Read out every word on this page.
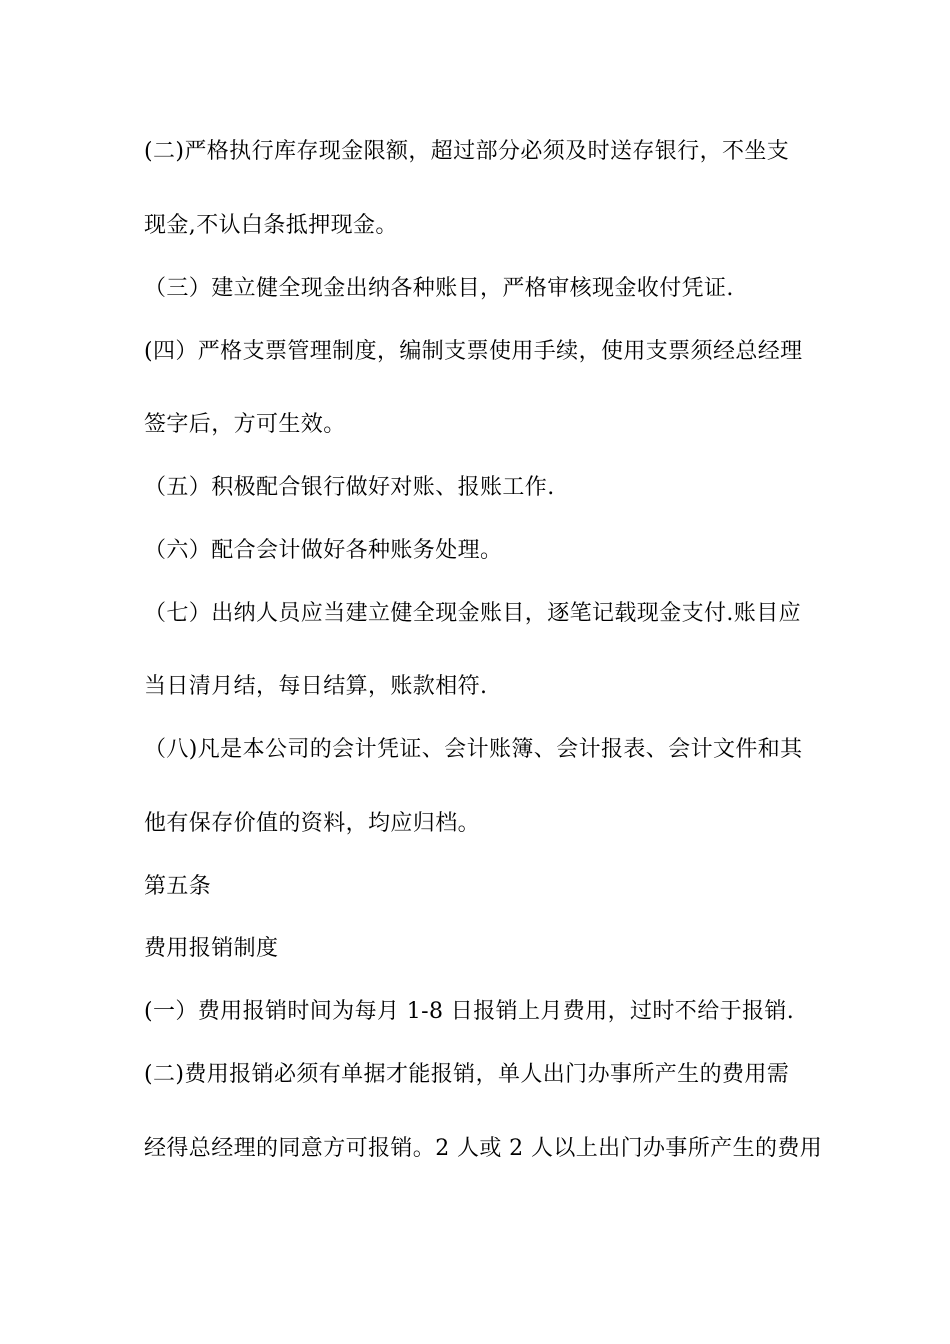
(二)严格执行库存现金限额，超过部分必须及时送存银行，不坐支
现金,不认白条抵押现金。
（三）建立健全现金出纳各种账目，严格审核现金收付凭证.
(四）严格支票管理制度，编制支票使用手续，使用支票须经总经理
签字后，方可生效。
（五）积极配合银行做好对账、报账工作.
（六）配合会计做好各种账务处理。
（七）出纳人员应当建立健全现金账目，逐笔记载现金支付.账目应
当日清月结，每日结算，账款相符.
（八)凡是本公司的会计凭证、会计账簿、会计报表、会计文件和其
他有保存价值的资料，均应归档。
第五条
费用报销制度
(一）费用报销时间为每月 1-8 日报销上月费用，过时不给于报销.
(二)费用报销必须有单据才能报销，单人出门办事所产生的费用需
经得总经理的同意方可报销。2 人或 2 人以上出门办事所产生的费用
